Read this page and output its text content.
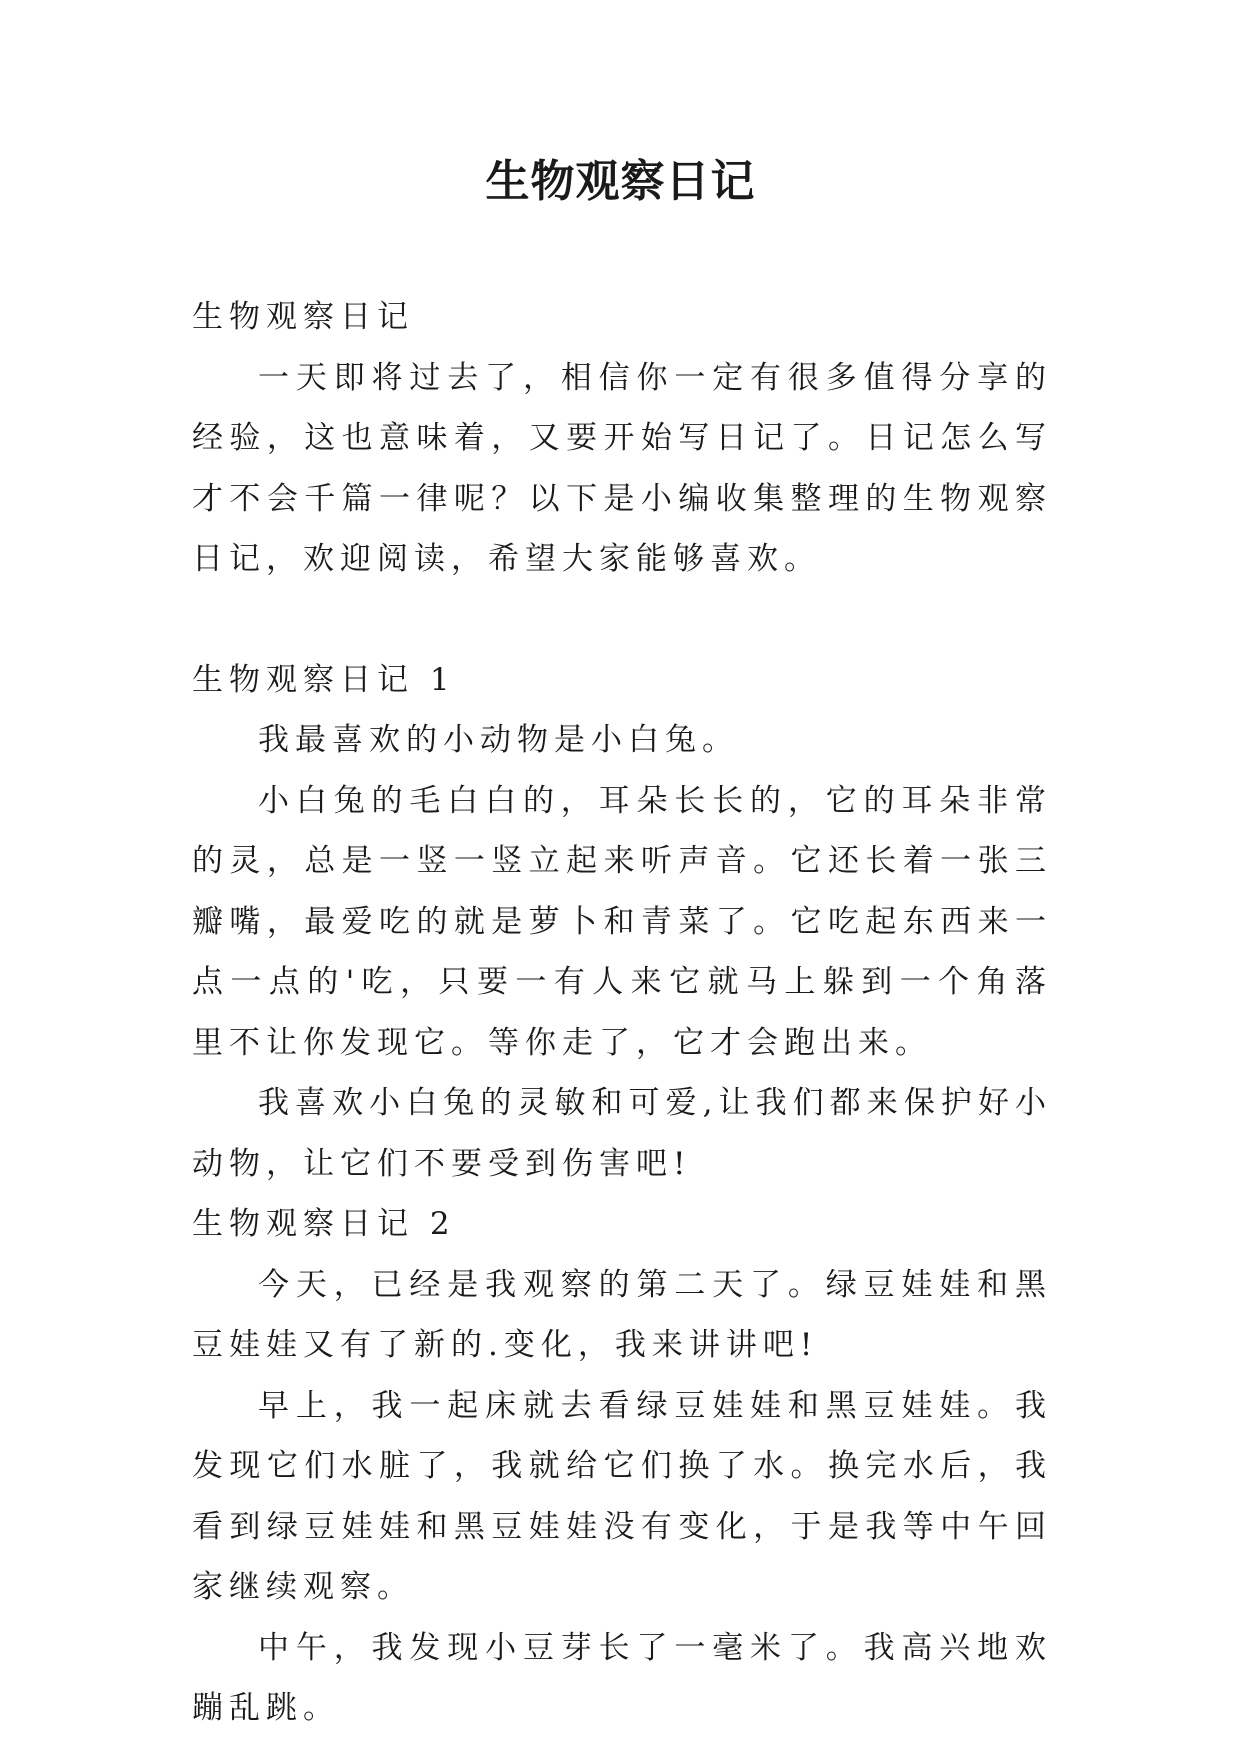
生物观察日记

生物观察日记

一天即将过去了，相信你一定有很多值得分享的经验，这也意味着，又要开始写日记了。日记怎么写才不会千篇一律呢？以下是小编收集整理的生物观察日记，欢迎阅读，希望大家能够喜欢。

生物观察日记 1

我最喜欢的小动物是小白兔。

小白兔的毛白白的，耳朵长长的，它的耳朵非常的灵，总是一竖一竖立起来听声音。它还长着一张三瓣嘴，最爱吃的就是萝卜和青菜了。它吃起东西来一点一点的'吃，只要一有人来它就马上躲到一个角落里不让你发现它。等你走了，它才会跑出来。

我喜欢小白兔的灵敏和可爱,让我们都来保护好小动物，让它们不要受到伤害吧!

生物观察日记 2

今天，已经是我观察的第二天了。绿豆娃娃和黑豆娃娃又有了新的.变化，我来讲讲吧!

早上，我一起床就去看绿豆娃娃和黑豆娃娃。我发现它们水脏了，我就给它们换了水。换完水后，我看到绿豆娃娃和黑豆娃娃没有变化，于是我等中午回家继续观察。

中午，我发现小豆芽长了一毫米了。我高兴地欢蹦乱跳。
